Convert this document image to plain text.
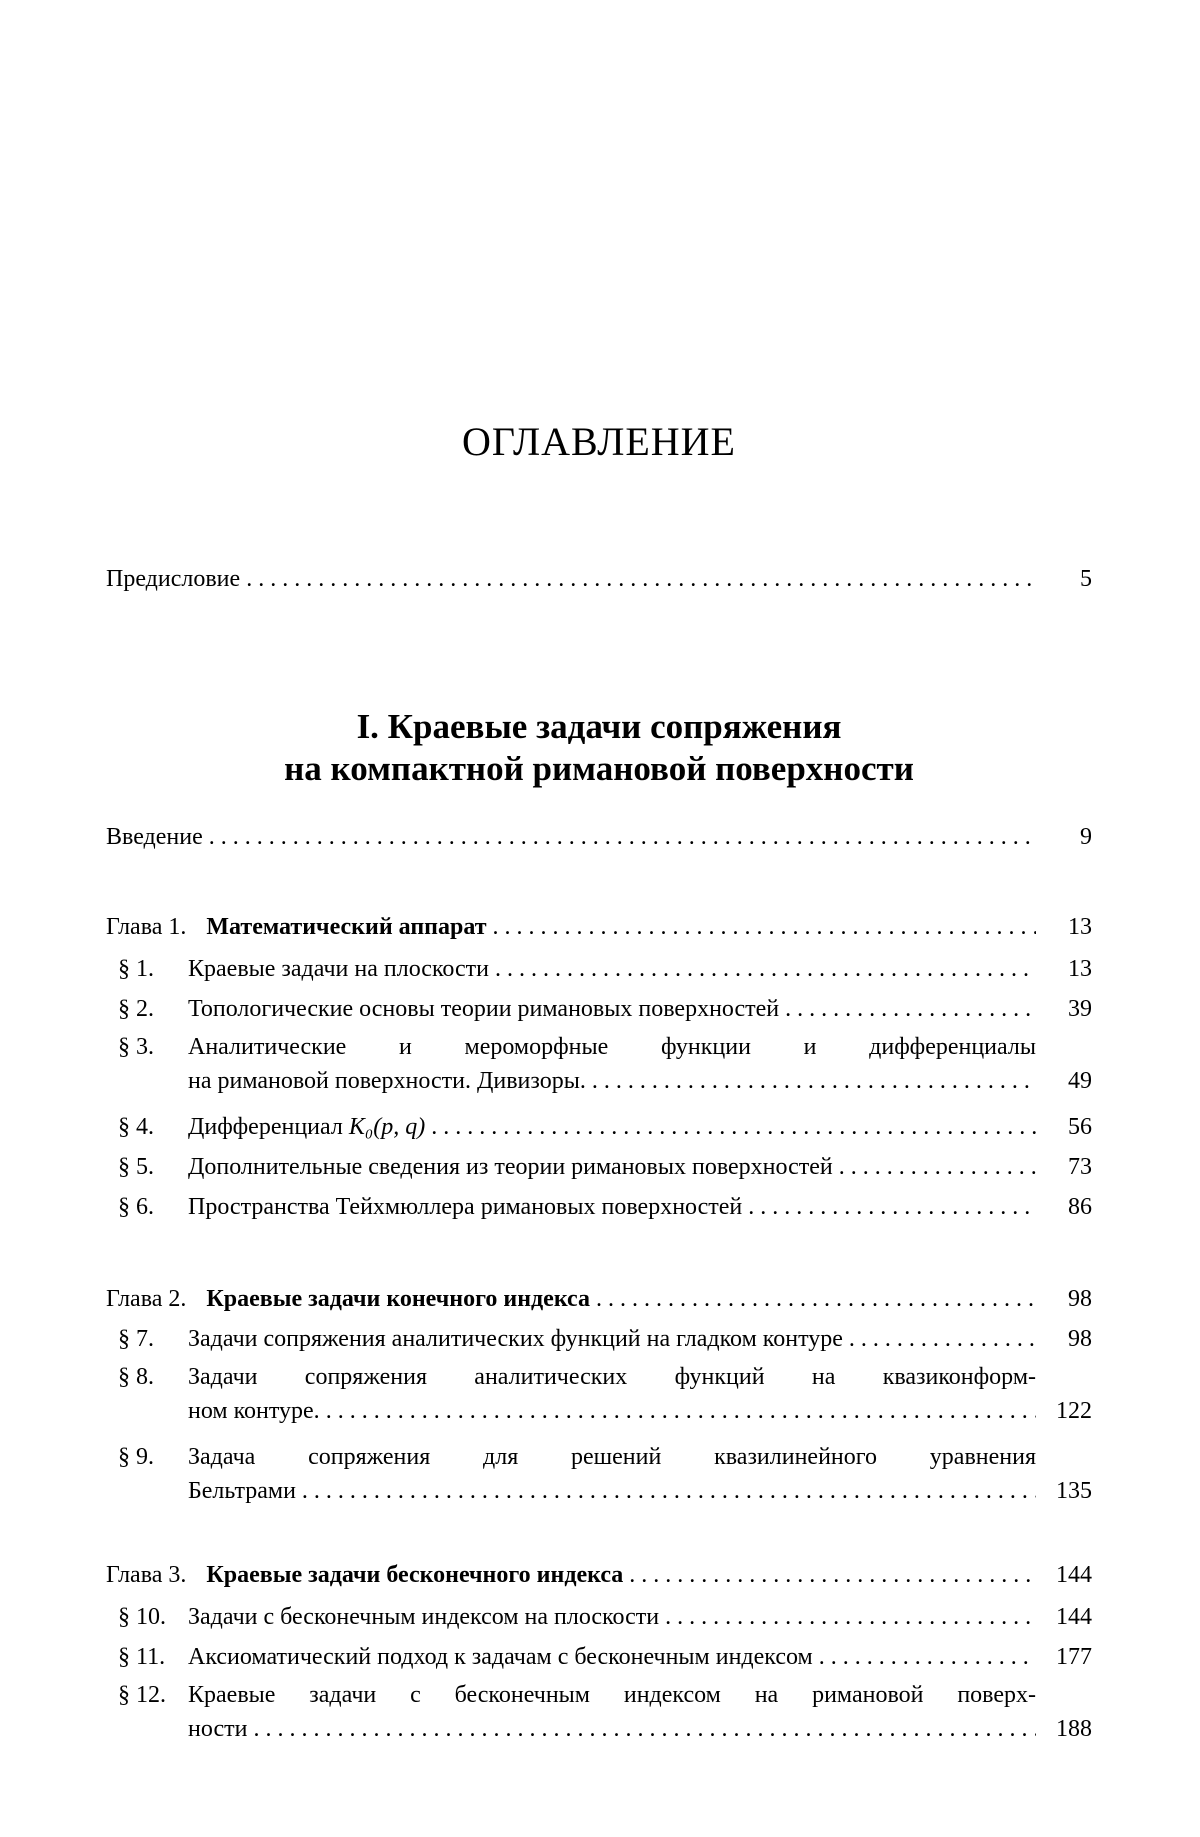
ОГЛАВЛЕНИЕ
Предисловие
. . .	5
I. Краевые задачи сопряжения
на компактной римановой поверхности
Введение
. . .	9
Глава 1. Математический аппарат
. . .	13
§ 1. Краевые задачи на плоскости
. . .	13
§ 2. Топологические основы теории римановых поверхностей
. . .	39
§ 3.	Аналитические и мероморфные функции и дифференциалы
на римановой поверхности. Дивизоры.
. . .	49
§ 4. Дифференциал K₀(p, q)
. . .	56
§ 5. Дополнительные сведения из теории римановых поверхностей
. . .	73
§ 6. Пространства Тейхмюллера римановых поверхностей
. . .	86
Глава 2. Краевые задачи конечного индекса
. . .	98
§ 7. Задачи сопряжения аналитических функций на гладком контуре
. . .	98
§ 8.	Задачи сопряжения аналитических функций на квазиконформ-
ном контуре.
. . .	122
§ 9.	Задача сопряжения для решений квазилинейного уравнения
Бельтрами
. . .	135
Глава 3. Краевые задачи бесконечного индекса
. . .	144
§ 10. Задачи с бесконечным индексом на плоскости
. . .	144
§ 11. Аксиоматический подход к задачам с бесконечным индексом
. . .	177
§ 12. Краевые задачи с бесконечным индексом на римановой поверх-
ности
. . .	188
